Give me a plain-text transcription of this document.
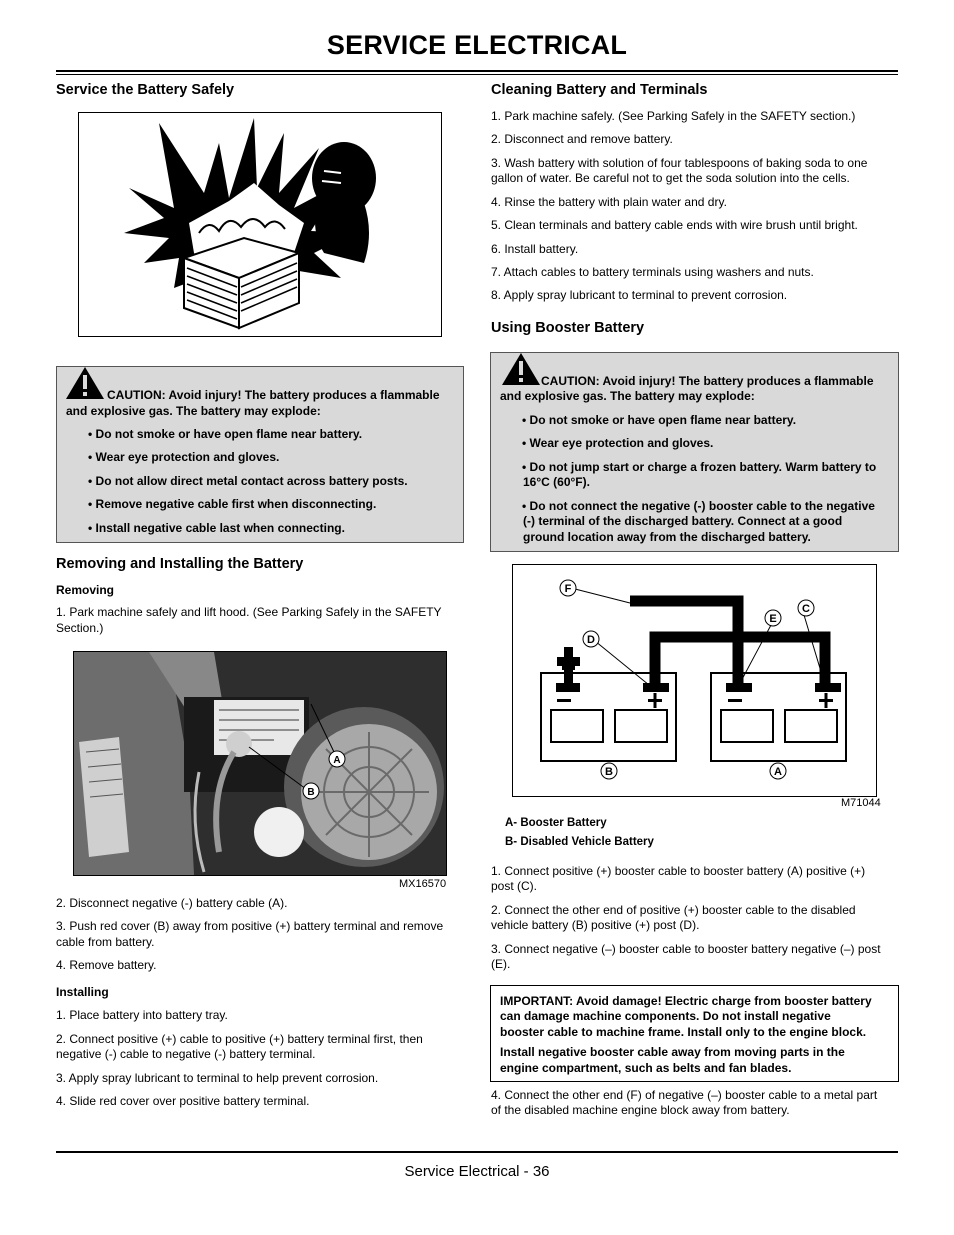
SERVICE ELECTRICAL
Service the Battery Safely
CAUTION: Avoid injury! The battery produces a flammable
and explosive gas. The battery may explode:
• Do not smoke or have open flame near battery.
• Wear eye protection and gloves.
• Do not allow direct metal contact across battery posts.
• Remove negative cable first when disconnecting.
• Install negative cable last when connecting.
Removing and Installing the Battery
Removing
1. Park machine safely and lift hood. (See Parking Safely in the SAFETY
Section.)
A
B
MX16570
2. Disconnect negative (-) battery cable (A).
3. Push red cover (B) away from positive (+) battery terminal and remove
cable from battery.
4. Remove battery.
Installing
1. Place battery into battery tray.
2. Connect positive (+) cable to positive (+) battery terminal first, then
negative (-) cable to negative (-) battery terminal.
3. Apply spray lubricant to terminal to help prevent corrosion.
4. Slide red cover over positive battery terminal.
Cleaning Battery and Terminals
1. Park machine safely. (See Parking Safely in the SAFETY section.)
2. Disconnect and remove battery.
3. Wash battery with solution of four tablespoons of baking soda to one
gallon of water. Be careful not to get the soda solution into the cells.
4. Rinse the battery with plain water and dry.
5. Clean terminals and battery cable ends with wire brush until bright.
6. Install battery.
7. Attach cables to battery terminals using washers and nuts.
8. Apply spray lubricant to terminal to prevent corrosion.
Using Booster Battery
CAUTION: Avoid injury! The battery produces a flammable
and explosive gas. The battery may explode:
• Do not smoke or have open flame near battery.
• Wear eye protection and gloves.
• Do not jump start or charge a frozen battery. Warm battery to
16°C (60°F).
• Do not connect the negative (-) booster cable to the negative
(-) terminal of the discharged battery. Connect at a good
ground location away from the discharged battery.
F
D
E
C
B	A
M71044
A- Booster Battery
B- Disabled Vehicle Battery
1. Connect positive (+) booster cable to booster battery (A) positive (+)
post (C).
2. Connect the other end of positive (+) booster cable to the disabled
vehicle battery (B) positive (+) post (D).
3. Connect negative (–) booster cable to booster battery negative (–) post
(E).
IMPORTANT: Avoid damage! Electric charge from booster battery
can damage machine components. Do not install negative
booster cable to machine frame. Install only to the engine block.
Install negative booster cable away from moving parts in the
engine compartment, such as belts and fan blades.
4. Connect the other end (F) of negative (–) booster cable to a metal part
of the disabled machine engine block away from battery.
Service Electrical - 36
